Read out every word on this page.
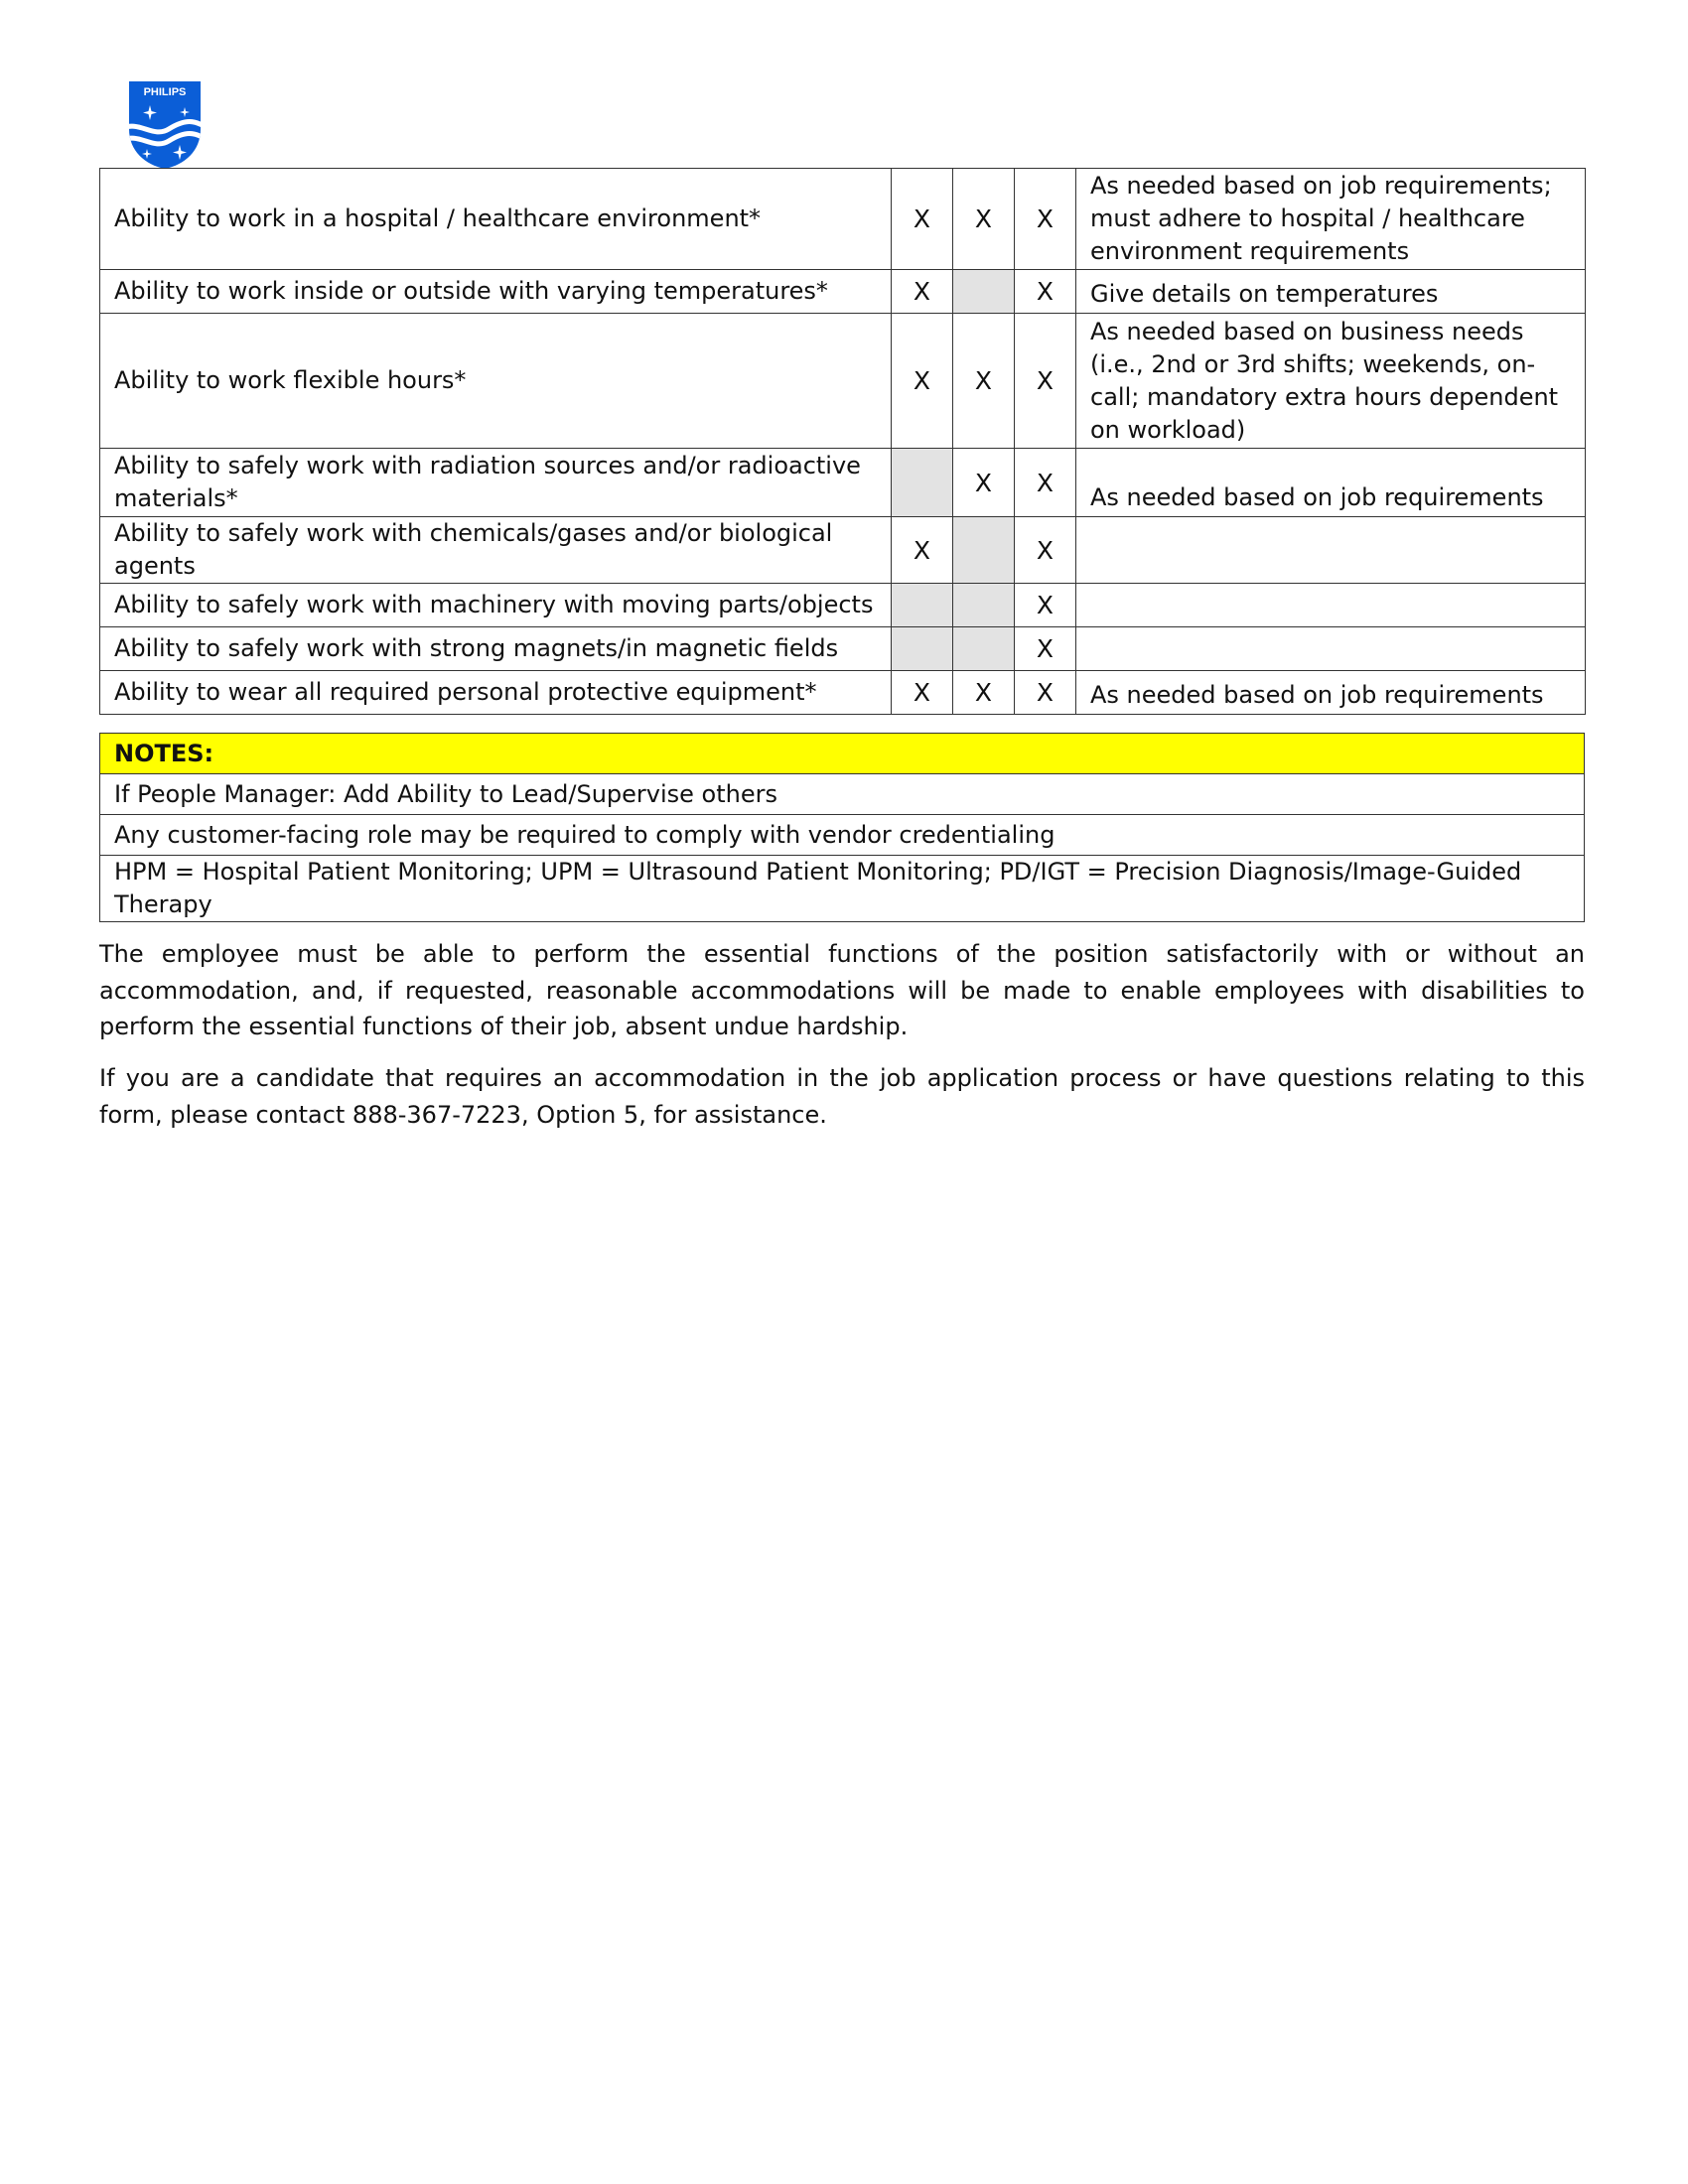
PHILIPS
Ability to work in a hospital / healthcare environment*	X	X	X	As needed based on job requirements; must adhere to hospital / healthcare environment requirements
Ability to work inside or outside with varying temperatures*	X		X	Give details on temperatures
Ability to work flexible hours*	X	X	X	As needed based on business needs (i.e., 2nd or 3rd shifts; weekends, on-call; mandatory extra hours dependent on workload)
Ability to safely work with radiation sources and/or radioactive materials*		X	X	As needed based on job requirements
Ability to safely work with chemicals/gases and/or biological agents	X		X	
Ability to safely work with machinery with moving parts/objects			X	
Ability to safely work with strong magnets/in magnetic fields			X	
Ability to wear all required personal protective equipment*	X	X	X	As needed based on job requirements
NOTES:
If People Manager: Add Ability to Lead/Supervise others
Any customer-facing role may be required to comply with vendor credentialing
HPM = Hospital Patient Monitoring; UPM = Ultrasound Patient Monitoring; PD/IGT = Precision Diagnosis/Image-Guided Therapy

The employee must be able to perform the essential functions of the position satisfactorily with or without an accommodation, and, if requested, reasonable accommodations will be made to enable employees with disabilities to perform the essential functions of their job, absent undue hardship.

If you are a candidate that requires an accommodation in the job application process or have questions relating to this form, please contact 888-367-7223, Option 5, for assistance.
